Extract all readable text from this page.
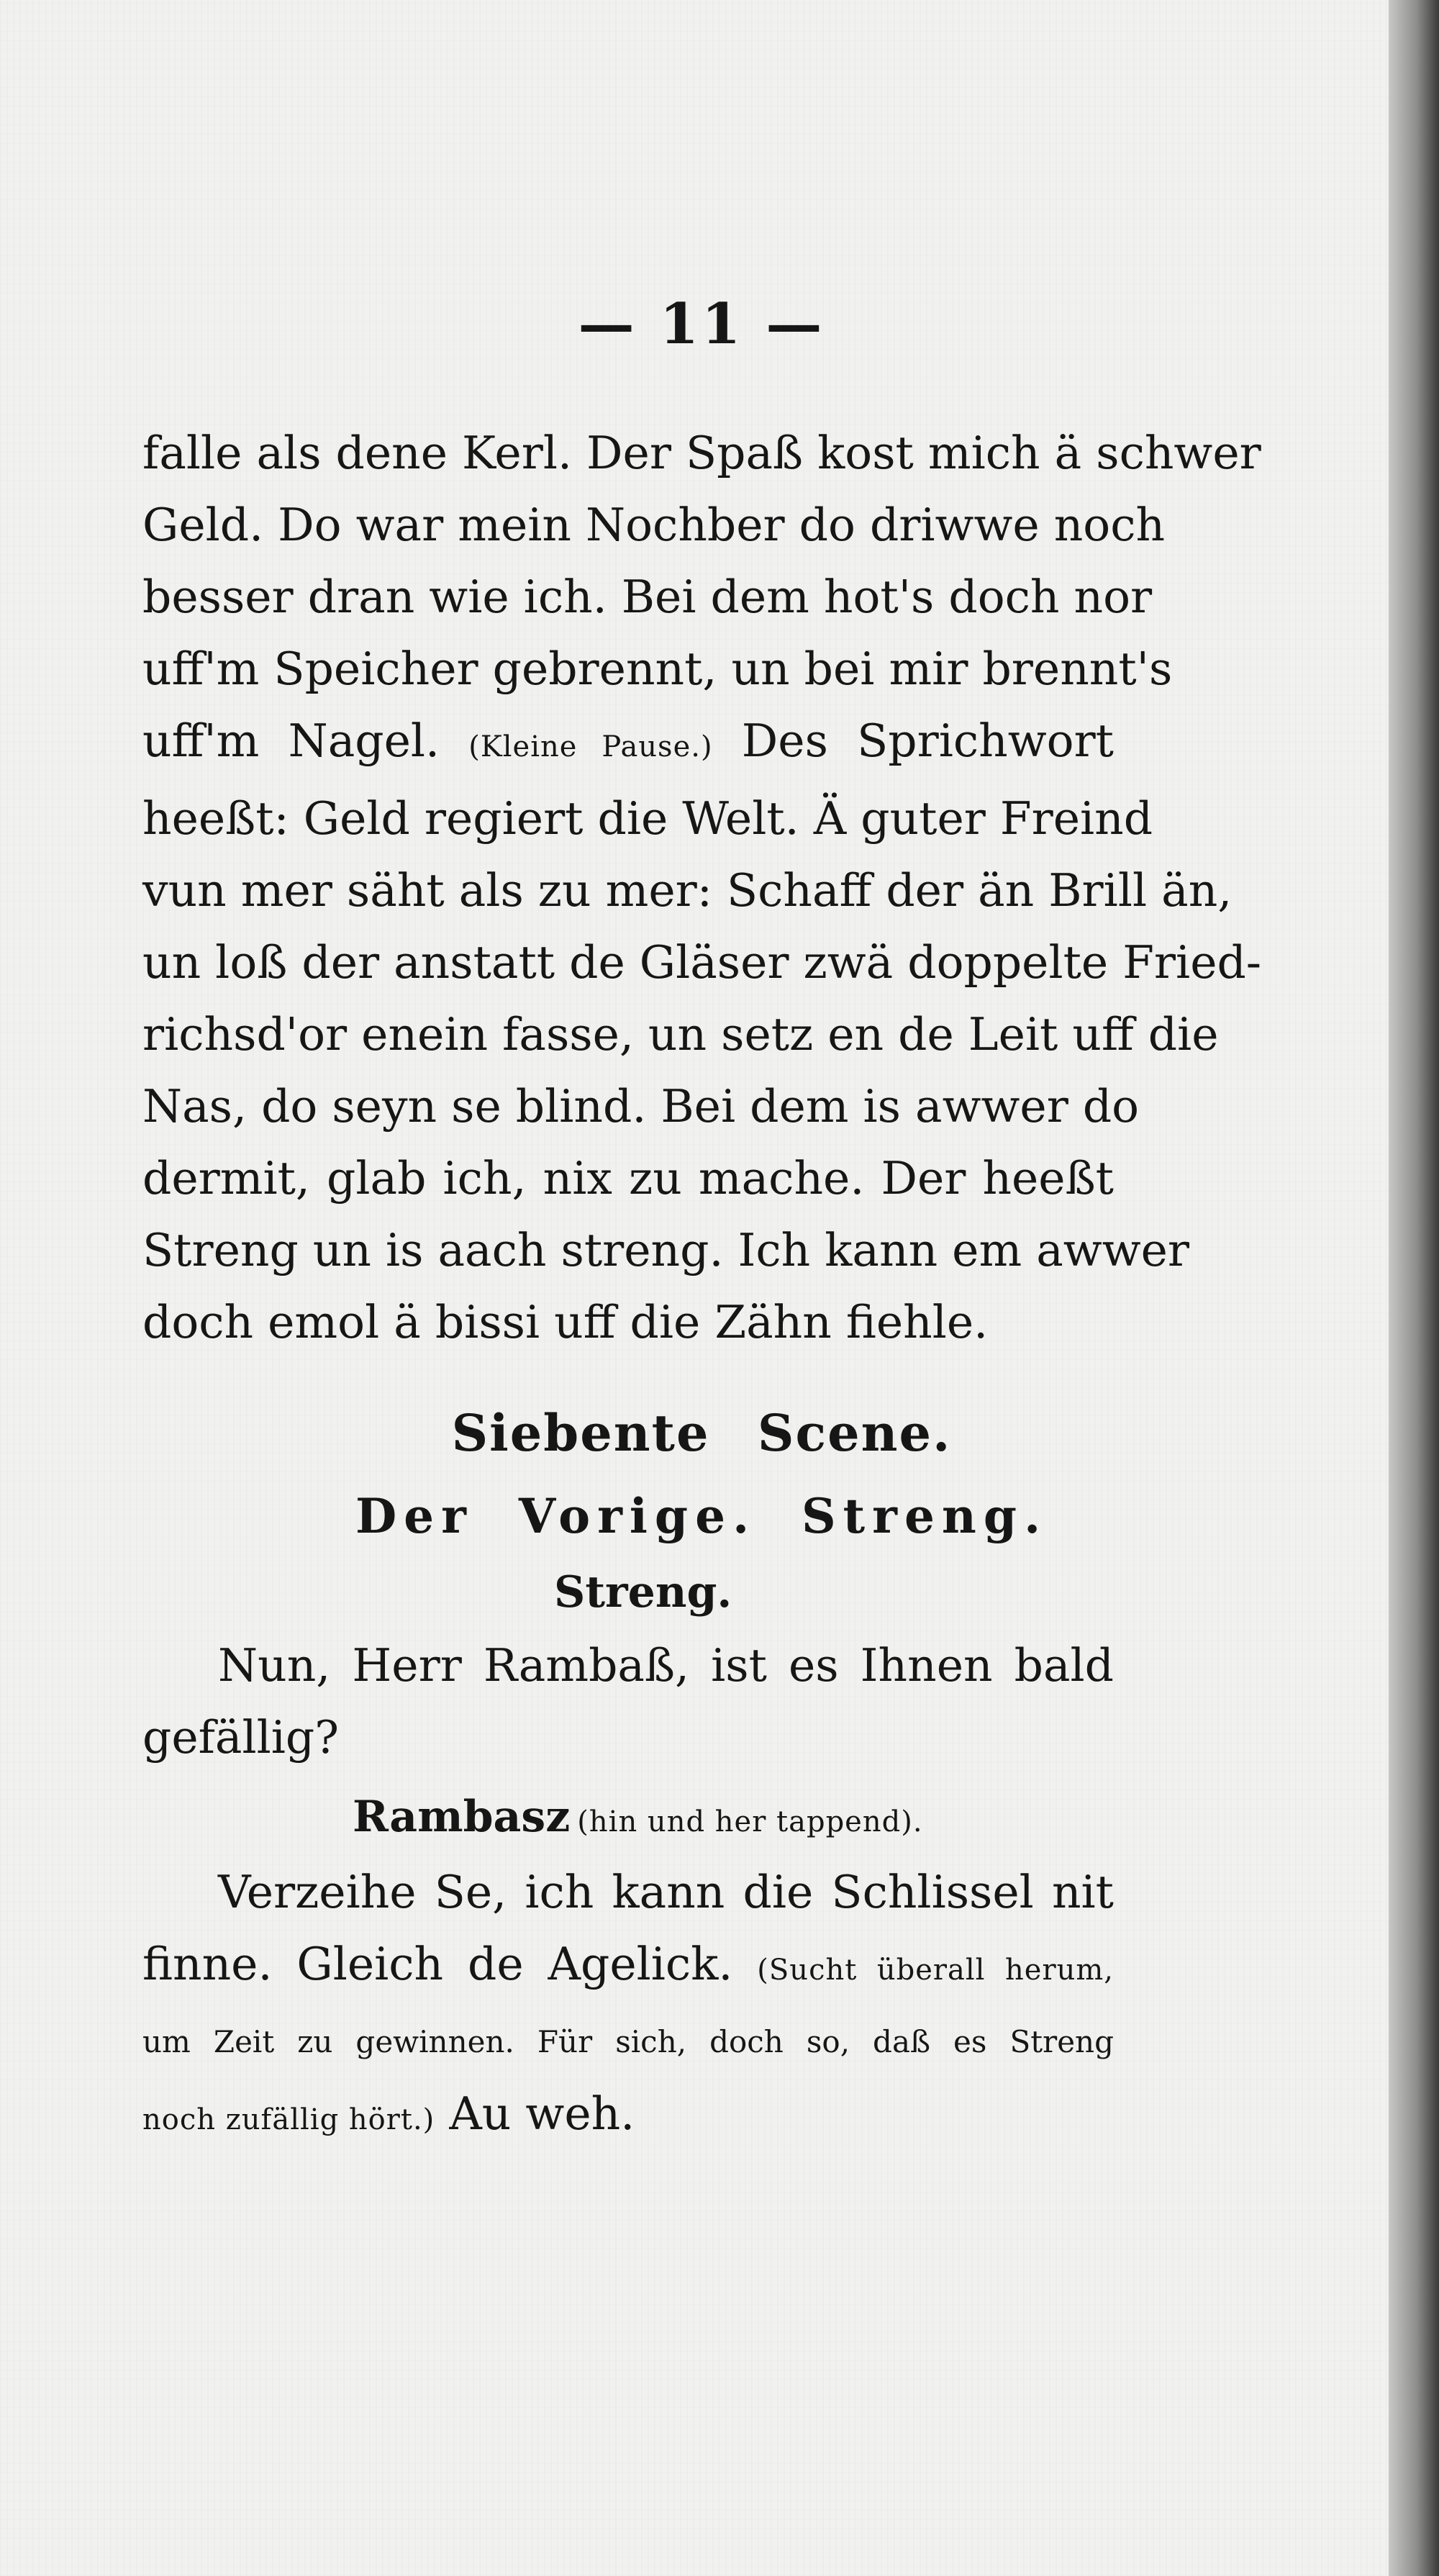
— 11 —
falle als dene Kerl. Der Spaß kost mich ä schwer
Geld. Do war mein Nochber do driwwe noch
besser dran wie ich. Bei dem hot's doch nor
uff'm Speicher gebrennt, un bei mir brennt's
uff'm Nagel. (Kleine Pause.) Des Sprichwort
heeßt: Geld regiert die Welt. Ä guter Freind
vun mer säht als zu mer: Schaff der än Brill än,
un loß der anstatt de Gläser zwä doppelte Fried-
richsd'or enein fasse, un setz en de Leit uff die
Nas, do seyn se blind. Bei dem is awwer do
dermit, glab ich, nix zu mache. Der heeßt
Streng un is aach streng. Ich kann em awwer
doch emol ä bissi uff die Zähn fiehle.
Siebente Scene.
Der Vorige. Streng.
Streng.
Nun, Herr Rambaß, ist es Ihnen bald
gefällig?
Rambasz (hin und her tappend).
Verzeihe Se, ich kann die Schlissel nit
finne. Gleich de Agelick. (Sucht überall herum,
um Zeit zu gewinnen. Für sich, doch so, daß es Streng
noch zufällig hört.) Au weh.
